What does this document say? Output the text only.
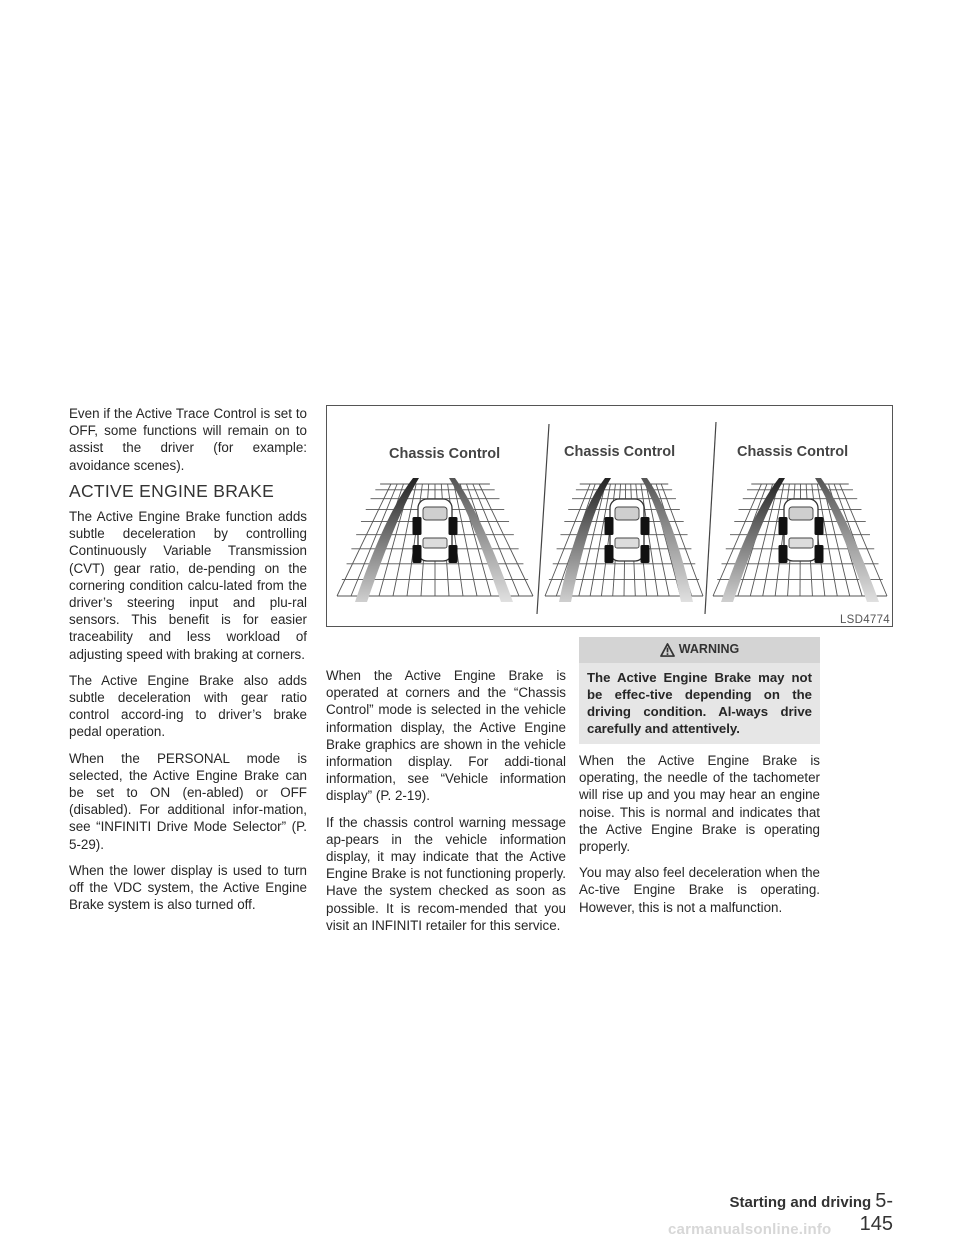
Even if the Active Trace Control is set to OFF, some functions will remain on to assist the driver (for example: avoidance scenes).

ACTIVE ENGINE BRAKE

The Active Engine Brake function adds subtle deceleration by controlling Continuously Variable Transmission (CVT) gear ratio, de-pending on the cornering condition calcu-lated from the driver’s steering input and plu-ral sensors. This benefit is for easier traceability and less workload of adjusting speed with braking at corners.

The Active Engine Brake also adds subtle deceleration with gear ratio control accord-ing to driver’s brake pedal operation.

When the PERSONAL mode is selected, the Active Engine Brake can be set to ON (en-abled) or OFF (disabled). For additional infor-mation, see “INFINITI Drive Mode Selector” (P. 5-29).

When the lower display is used to turn off the VDC system, the Active Engine Brake system is also turned off.

Chassis Control	Chassis Control	Chassis Control
LSD4774

When the Active Engine Brake is operated at corners and the “Chassis Control” mode is selected in the vehicle information display, the Active Engine Brake graphics are shown in the vehicle information display. For addi-tional information, see “Vehicle information display” (P. 2-19).

If the chassis control warning message ap-pears in the vehicle information display, it may indicate that the Active Engine Brake is not functioning properly. Have the system checked as soon as possible. It is recom-mended that you visit an INFINITI retailer for this service.

WARNING
The Active Engine Brake may not be effec-tive depending on the driving condition. Al-ways drive carefully and attentively.

When the Active Engine Brake is operating, the needle of the tachometer will rise up and you may hear an engine noise. This is normal and indicates that the Active Engine Brake is operating properly.

You may also feel deceleration when the Ac-tive Engine Brake is operating. However, this is not a malfunction.

Starting and driving 5-145
carmanualsonline.info
